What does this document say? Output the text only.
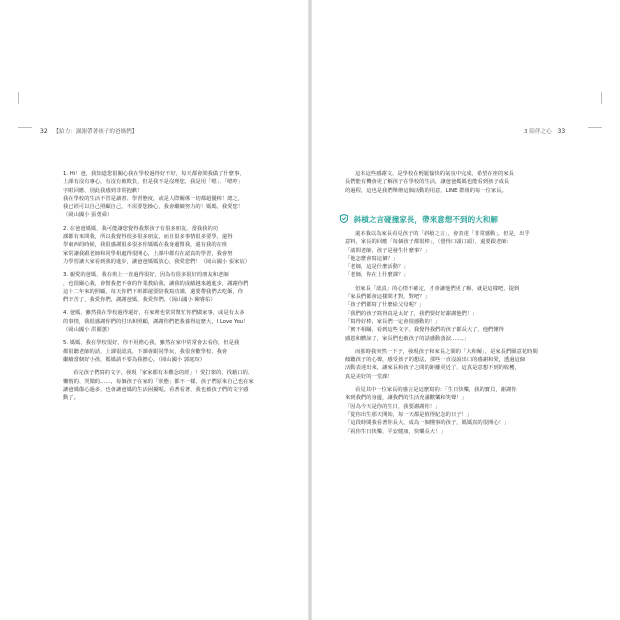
32 【給力：謝謝帶著孩子的爸媽們】	3 陪伴之心 33

1. Hi！爸，我知道您很關心我在學校過得好不好，每天都會問我做了什麼事，

上課有沒有專心，有沒有被欺負，但是我不是沒理您，我是用「嗯」、「嗯哼」

字眼回應，別此我感到非常抱歉！

我在學校的生活不管是讀書、學習態度，或是人際關係一切都超優棒！總之，

我已經可以自己照顧自己，不需要您操心，我會繼續努力的！媽媽，我愛您！

（岡山國小 張勇舜）

2. 在爸爸媽媽，我可能讓您覺得我幫孩子有很多朋友，當我我的功

課都有來問我，所以我覺得很多很多朋友，而且很多事情很多要學，還得

學東西的時候，我很感謝很多很多你媽媽在我身邊幫我，還有我的在班

家常讓我跟老師和同學相處得很開心，上課中都有在認真的學習，我會努

力學習讓大家看到我的進步，讓爸爸媽媽放心，我愛您們！（岡山國小 張家宸）

3. 親愛的爸媽，我在班上一直過得很好，因為有很多很好的朋友和老師

，也很關心我，會幫我把不會的作業教給我，讓我的成績越來越進步，謝謝你們

這十二年來的照顧，每天你們下班都還要陪我寫功課，還要帶我們去吃飯，你

們辛苦了，我愛你們，謝謝爸媽，我愛你們。（岡山國小 陳睿佑）

4. 爸媽，雖然我在學校過得還好，在家裡也常常幫忙你們做家事，或是有太多

的事情，我很感謝你們的付出和照顧，謝謝你們把我養得這麼大，I Love You！

（岡山國小 洪麗蕙）

5. 媽媽，我在學校很好，你不用擔心我，雖然在家中常常會去看你，但是我

都很聽老師的話，上課很認真，下課會跟同學玩，我很喜歡學校，我會

繼續當個好小孩，媽媽請不要為我擔心。（岡山國小 郭庭瑄）

看完孩子們寫的文字，發現「家家都有本難念的經」！愛打架的、找藉口的、

懶惰的、哭鬧的……，每個孩子在家的「狀態」都不一樣，孩子們原來自己也在家

讓爸媽傷心過多，也會讓爸媽的生活困擾呢。看著看著，我也被孩子們的文字感

動了。

這本這些感謝文，是學校在輕鬆愉快的氣氛中完成，希望在座的家長

長們能有機會更了解孩子在學校的生活，讓爸爸媽媽也能看到孩子成長

的過程，這也是我們舉辦這個活動的用意，LINE 群組的每一位家長。

斜槓之言碰撞家長，帶來意想不到的大和解

還本我以為家長看見孩子的「斜槓之言」，會表達「非常感動」，但是，出乎

意料，家長的回應「每個孩子都很棒」，（覺得口頭口頭），還要跟老師：

「請問老師，孩子是發生什麼事？」

「他怎麼會寫這個？」

「老師，這是什麼活動？」

「老師，你在上什麼課？」

但家長「認真」的心情不確定，才會讓他們更了解，就是這樣吧，提到

「家長們都會這樣問才對，對吧？」

「孩子們都寫了什麼給父母呢？」

「我們的孩子寫得真是太好了，我們要好好謝謝他們！」

「寫得好棒，家長們一定會很感動的！」

「實不相瞞，看到這些文字，我覺得我們的孩子都長大了，他們懂得

感恩和體諒了，家長們也被孩子的話感動落淚……。」

而那時我突然一下子，發現孩子和家長之間的「大和解」，是家長們願意花時間

傾聽孩子的心聲，感受孩子的想法，那些一直沒說出口的感謝和愛，透過這個

活動表達出來，讓家長和孩子之間的距離更近了，這真是意想不到的收穫，

真是美好的一堂課！

看見其中一位家長的感言是這麼寫的：「生日快樂，我的寶貝，謝謝你

來到我們的身邊，讓我們的生活充滿歡樂和笑聲！」

「因為今天是你的生日，我要謝謝你！」

「從你出生那天開始，每一天都是值得紀念的日子！」

「這段時間我看著你長大，成為一個懂事的孩子，媽媽真的很開心！」

「祝你生日快樂，平安健康，快樂長大！」
